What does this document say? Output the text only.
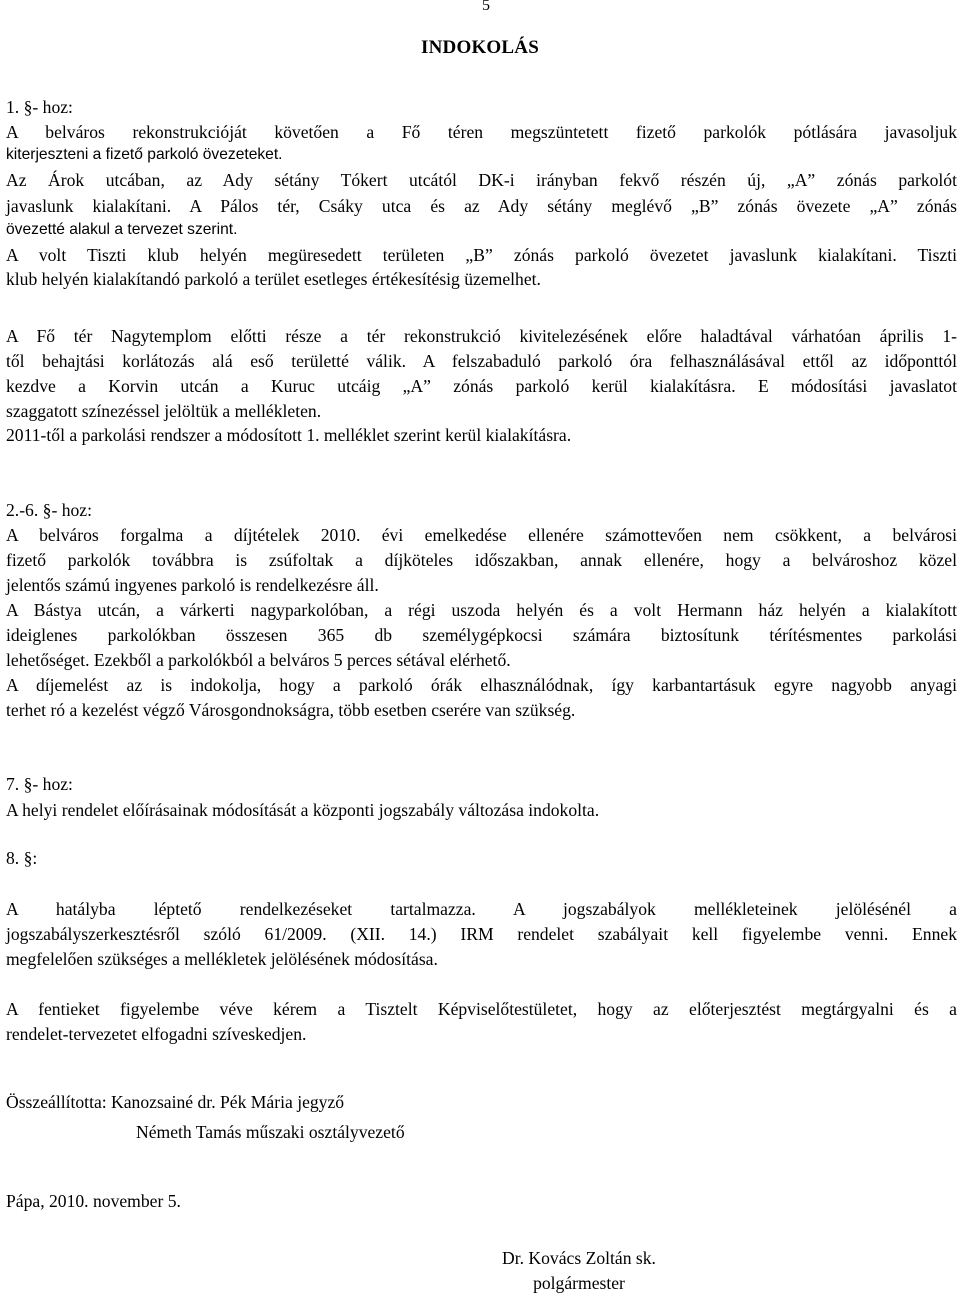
5
INDOKOLÁS
1. §- hoz:
A belváros rekonstrukcióját követően a Fő téren megszüntetett fizető parkolók pótlására javasoljuk
kiterjeszteni a fizető parkoló övezeteket.
Az Árok utcában, az Ady sétány Tókert utcától DK-i irányban fekvő részén új, „A” zónás parkolót
javaslunk kialakítani. A Pálos tér, Csáky utca és az Ady sétány meglévő „B” zónás övezete „A” zónás
övezetté alakul a tervezet szerint.
A volt Tiszti klub helyén megüresedett területen „B” zónás parkoló övezetet javaslunk kialakítani. Tiszti
klub helyén kialakítandó parkoló a terület esetleges értékesítésig üzemelhet.
A Fő tér Nagytemplom előtti része a tér rekonstrukció kivitelezésének előre haladtával várhatóan április 1-
től behajtási korlátozás alá eső területté válik. A felszabaduló parkoló óra felhasználásával ettől az időponttól
kezdve a Korvin utcán a Kuruc utcáig „A” zónás parkoló kerül kialakításra. E módosítási javaslatot
szaggatott színezéssel jelöltük a mellékleten.
2011-től a parkolási rendszer a módosított 1. melléklet szerint kerül kialakításra.
2.-6. §- hoz:
A belváros forgalma a díjtételek 2010. évi emelkedése ellenére számottevően nem csökkent, a belvárosi
fizető parkolók továbbra is zsúfoltak a díjköteles időszakban, annak ellenére, hogy a belvároshoz közel
jelentős számú ingyenes parkoló is rendelkezésre áll.
A Bástya utcán, a várkerti nagyparkolóban, a régi uszoda helyén és a volt Hermann ház helyén a kialakított
ideiglenes parkolókban összesen 365 db személygépkocsi számára biztosítunk térítésmentes parkolási
lehetőséget. Ezekből a parkolókból a belváros 5 perces sétával elérhető.
A díjemelést az is indokolja, hogy a parkoló órák elhasználódnak, így karbantartásuk egyre nagyobb anyagi
terhet ró a kezelést végző Városgondnokságra, több esetben cserére van szükség.
7. §- hoz:
A helyi rendelet előírásainak módosítását a központi jogszabály változása indokolta.
8. §:
A hatályba léptető rendelkezéseket tartalmazza. A jogszabályok mellékleteinek jelölésénél a
jogszabályszerkesztésről szóló 61/2009. (XII. 14.) IRM rendelet szabályait kell figyelembe venni. Ennek
megfelelően szükséges a mellékletek jelölésének módosítása.
A fentieket figyelembe véve kérem a Tisztelt Képviselőtestületet, hogy az előterjesztést megtárgyalni és a
rendelet-tervezetet elfogadni szíveskedjen.
Összeállította: Kanozsainé dr. Pék Mária jegyző
Pápa, 2010. november 5.
Németh Tamás műszaki osztályvezető
Dr. Kovács Zoltán sk.
polgármester
